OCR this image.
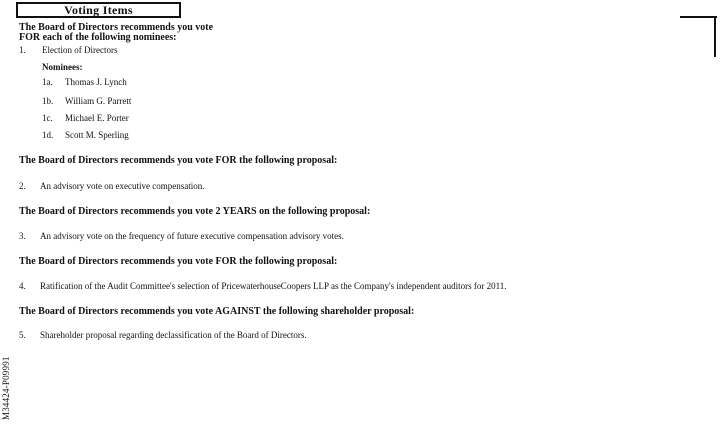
Voting Items
The Board of Directors recommends you vote
FOR each of the following nominees:
1. Election of Directors
Nominees:
1a. Thomas J. Lynch
1b. William G. Parrett
1c. Michael E. Porter
1d. Scott M. Sperling
The Board of Directors recommends you vote FOR the following proposal:
2. An advisory vote on executive compensation.
The Board of Directors recommends you vote 2 YEARS on the following proposal:
3. An advisory vote on the frequency of future executive compensation advisory votes.
The Board of Directors recommends you vote FOR the following proposal:
4. Ratification of the Audit Committee's selection of PricewaterhouseCoopers LLP as the Company's independent auditors for 2011.
The Board of Directors recommends you vote AGAINST the following shareholder proposal:
5. Shareholder proposal regarding declassification of the Board of Directors.
M34424-P09991
